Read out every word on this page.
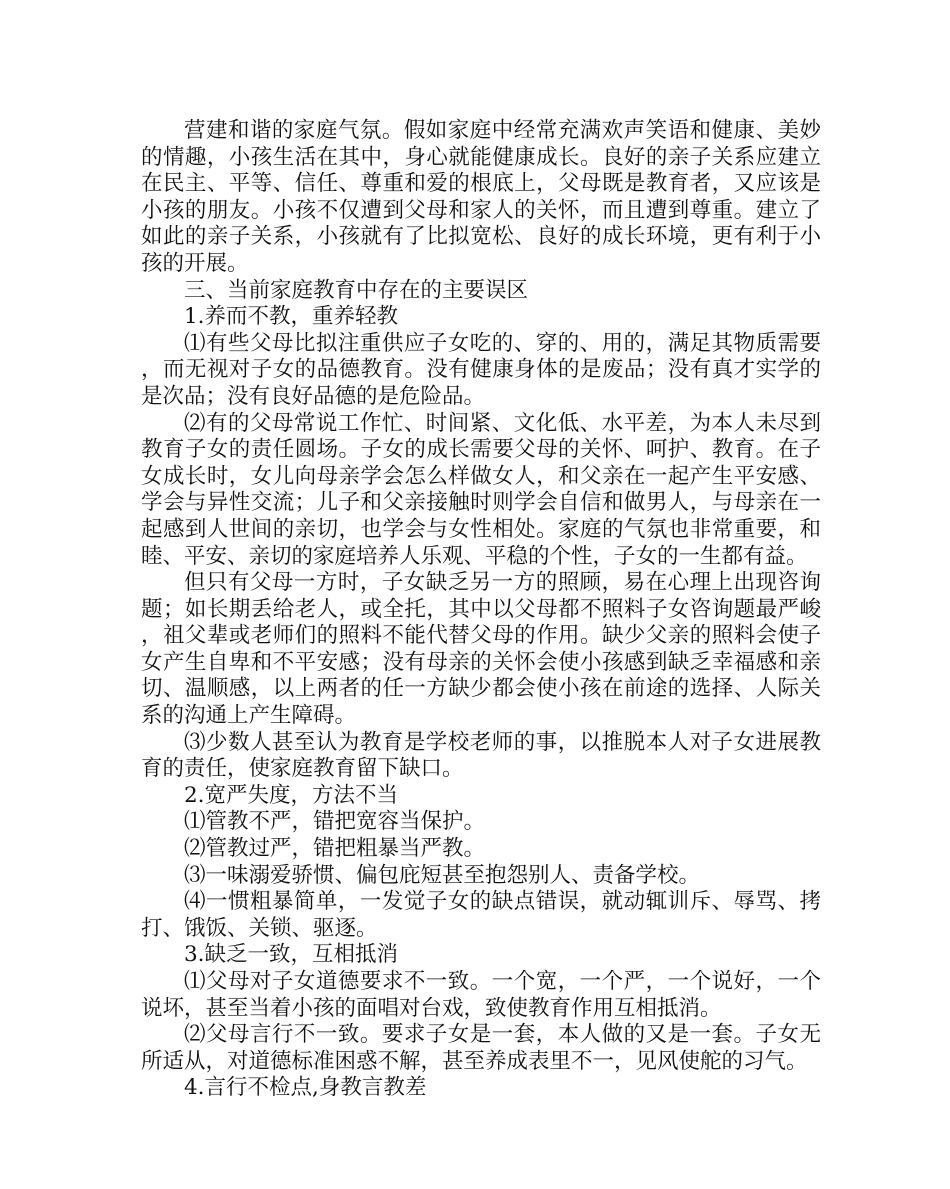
营建和谐的家庭气氛。假如家庭中经常充满欢声笑语和健康、美妙的情趣，小孩生活在其中，身心就能健康成长。良好的亲子关系应建立在民主、平等、信任、尊重和爱的根底上，父母既是教育者，又应该是小孩的朋友。小孩不仅遭到父母和家人的关怀，而且遭到尊重。建立了如此的亲子关系，小孩就有了比拟宽松、良好的成长环境，更有利于小孩的开展。

三、当前家庭教育中存在的主要误区

1.养而不教，重养轻教

⑴有些父母比拟注重供应子女吃的、穿的、用的，满足其物质需要，而无视对子女的品德教育。没有健康身体的是废品；没有真才实学的是次品；没有良好品德的是危险品。

⑵有的父母常说工作忙、时间紧、文化低、水平差，为本人未尽到教育子女的责任圆场。子女的成长需要父母的关怀、呵护、教育。在子女成长时，女儿向母亲学会怎么样做女人，和父亲在一起产生平安感、学会与异性交流；儿子和父亲接触时则学会自信和做男人，与母亲在一起感到人世间的亲切，也学会与女性相处。家庭的气氛也非常重要，和睦、平安、亲切的家庭培养人乐观、平稳的个性，子女的一生都有益。

但只有父母一方时，子女缺乏另一方的照顾，易在心理上出现咨询题；如长期丢给老人，或全托，其中以父母都不照料子女咨询题最严峻，祖父辈或老师们的照料不能代替父母的作用。缺少父亲的照料会使子女产生自卑和不平安感；没有母亲的关怀会使小孩感到缺乏幸福感和亲切、温顺感，以上两者的任一方缺少都会使小孩在前途的选择、人际关系的沟通上产生障碍。

⑶少数人甚至认为教育是学校老师的事，以推脱本人对子女进展教育的责任，使家庭教育留下缺口。

2.宽严失度，方法不当

⑴管教不严，错把宽容当保护。

⑵管教过严，错把粗暴当严教。

⑶一味溺爱骄惯、偏包庇短甚至抱怨别人、责备学校。

⑷一惯粗暴简单，一发觉子女的缺点错误，就动辄训斥、辱骂、拷打、饿饭、关锁、驱逐。

3.缺乏一致，互相抵消

⑴父母对子女道德要求不一致。一个宽，一个严，一个说好，一个说坏，甚至当着小孩的面唱对台戏，致使教育作用互相抵消。

⑵父母言行不一致。要求子女是一套，本人做的又是一套。子女无所适从，对道德标准困惑不解，甚至养成表里不一，见风使舵的习气。

4.言行不检点,身教言教差
